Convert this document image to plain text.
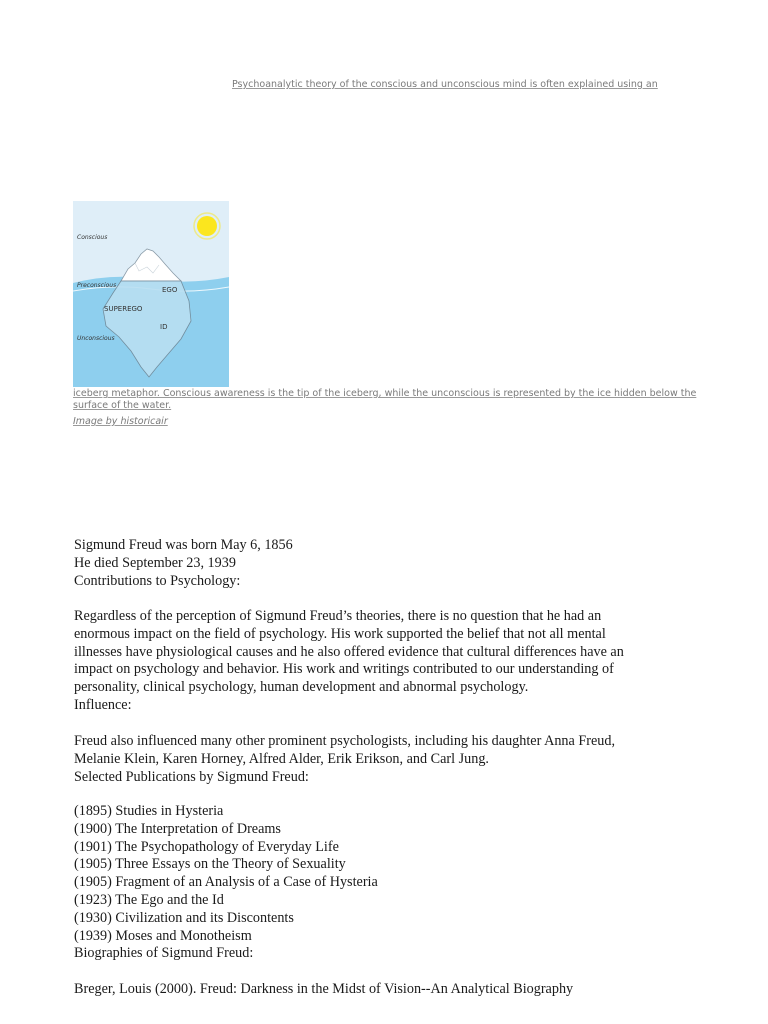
Psychoanalytic theory of the conscious and unconscious mind is often explained using an

Conscious
Preconscious
Unconscious
EGO
SUPEREGO
ID

iceberg metaphor. Conscious awareness is the tip of the iceberg, while the unconscious is represented by the ice hidden below the surface of the water.

Image by historicair

Sigmund Freud was born May 6, 1856
He died September 23, 1939
Contributions to Psychology:
Regardless of the perception of Sigmund Freud’s theories, there is no question that he had an
enormous impact on the field of psychology. His work supported the belief that not all mental
illnesses have physiological causes and he also offered evidence that cultural differences have an
impact on psychology and behavior. His work and writings contributed to our understanding of
personality, clinical psychology, human development and abnormal psychology.
Influence:
Freud also influenced many other prominent psychologists, including his daughter Anna Freud,
Melanie Klein, Karen Horney, Alfred Alder, Erik Erikson, and Carl Jung.
Selected Publications by Sigmund Freud:
(1895) Studies in Hysteria
(1900) The Interpretation of Dreams
(1901) The Psychopathology of Everyday Life
(1905) Three Essays on the Theory of Sexuality
(1905) Fragment of an Analysis of a Case of Hysteria
(1923) The Ego and the Id
(1930) Civilization and its Discontents
(1939) Moses and Monotheism
Biographies of Sigmund Freud:
Breger, Louis (2000). Freud: Darkness in the Midst of Vision--An Analytical Biography
